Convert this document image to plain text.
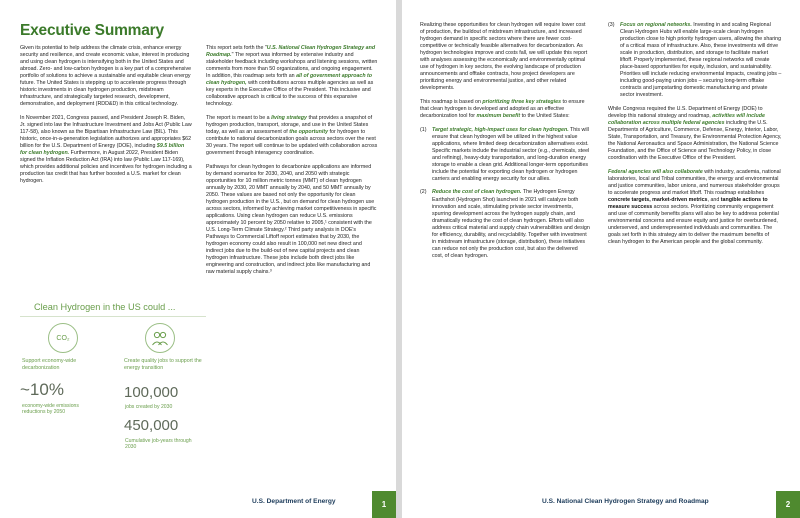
Executive Summary

Given its potential to help address the climate crisis, enhance energy security and resilience, and create economic value, interest in producing and using clean hydrogen is intensifying both in the United States and abroad. Zero- and low-carbon hydrogen is a key part of a comprehensive portfolio of solutions to achieve a sustainable and equitable clean energy future. The United States is stepping up to accelerate progress through historic investments in clean hydrogen production, midstream infrastructure, and strategically targeted research, development, demonstration, and deployment (RDD&D) in this critical technology.

In November 2021, Congress passed, and President Joseph R. Biden, Jr. signed into law the Infrastructure Investment and Jobs Act (Public Law 117-58), also known as the Bipartisan Infrastructure Law (BIL). This historic, once-in-a-generation legislation authorizes and appropriates $62 billion for the U.S. Department of Energy (DOE), including $9.5 billion for clean hydrogen. Furthermore, in August 2022, President Biden signed the Inflation Reduction Act (IRA) into law (Public Law 117-169), which provides additional policies and incentives for hydrogen including a production tax credit that has further boosted a U.S. market for clean hydrogen.

Clean Hydrogen in the US could ...
CO₂
Support economy-wide decarbonization
Create quality jobs to support the energy transition
~10%
economy-wide emissions reductions by 2050
100,000
jobs created by 2030
450,000
Cumulative job-years through 2030

This report sets forth the "U.S. National Clean Hydrogen Strategy and Roadmap." The report was informed by extensive industry and stakeholder feedback including workshops and listening sessions, written comments from more than 50 organizations, and ongoing engagement. In addition, this roadmap sets forth an all of government approach to clean hydrogen, with contributions across multiple agencies as well as key experts in the Executive Office of the President. This inclusive and collaborative approach is critical to the success of this expansive technology.

The report is meant to be a living strategy that provides a snapshot of hydrogen production, transport, storage, and use in the United States today, as well as an assessment of the opportunity for hydrogen to contribute to national decarbonization goals across sectors over the next 30 years. The report will continue to be updated with collaboration across government through interagency coordination.

Pathways for clean hydrogen to decarbonize applications are informed by demand scenarios for 2030, 2040, and 2050 with strategic opportunities for 10 million metric tonnes (MMT) of clean hydrogen annually by 2030, 20 MMT annually by 2040, and 50 MMT annually by 2050. These values are based not only the opportunity for clean hydrogen production in the U.S., but on demand for clean hydrogen use across sectors, informed by achieving market competitiveness in specific applications. Using clean hydrogen can reduce U.S. emissions approximately 10 percent by 2050 relative to 2005,¹ consistent with the U.S. Long-Term Climate Strategy.² Third party analysis in DOE's Pathways to Commercial Liftoff report estimates that by 2030, the hydrogen economy could also result in 100,000 net new direct and indirect jobs due to the build-out of new capital projects and clean hydrogen infrastructure. These jobs include both direct jobs like engineering and construction, and indirect jobs like manufacturing and raw material supply chains.³

U.S. Department of Energy	1

Realizing these opportunities for clean hydrogen will require lower cost of production, the buildout of midstream infrastructure, and increased hydrogen demand in specific sectors where there are fewer cost-competitive or technically feasible alternatives for decarbonization. As hydrogen technologies improve and costs fall, we will update this report with analyses assessing the economically and environmentally optimal use of hydrogen in key sectors, the evolving landscape of production announcements and offtake contracts, how project developers are prioritizing energy and environmental justice, and other related developments.

This roadmap is based on prioritizing three key strategies to ensure that clean hydrogen is developed and adopted as an effective decarbonization tool for maximum benefit to the United States:

(1)	Target strategic, high-impact uses for clean hydrogen. This will ensure that clean hydrogen will be utilized in the highest value applications, where limited deep decarbonization alternatives exist. Specific markets include the industrial sector (e.g., chemicals, steel and refining), heavy-duty transportation, and long-duration energy storage to enable a clean grid. Additional longer-term opportunities include the potential for exporting clean hydrogen or hydrogen carriers and enabling energy security for our allies.

(2)	Reduce the cost of clean hydrogen. The Hydrogen Energy Earthshot (Hydrogen Shot) launched in 2021 will catalyze both innovation and scale, stimulating private sector investments, spurring development across the hydrogen supply chain, and dramatically reducing the cost of clean hydrogen. Efforts will also address critical material and supply chain vulnerabilities and design for efficiency, durability, and recyclability. Together with investment in midstream infrastructure (storage, distribution), these initiatives can reduce not only the production cost, but also the delivered cost, of clean hydrogen.

(3)	Focus on regional networks. Investing in and scaling Regional Clean Hydrogen Hubs will enable large-scale clean hydrogen production close to high priority hydrogen users, allowing the sharing of a critical mass of infrastructure. Also, these investments will drive scale in production, distribution, and storage to facilitate market liftoff. Properly implemented, these regional networks will create place-based opportunities for equity, inclusion, and sustainability. Priorities will include reducing environmental impacts, creating jobs – including good-paying union jobs – securing long-term offtake contracts and jumpstarting domestic manufacturing and private sector investment.

While Congress required the U.S. Department of Energy (DOE) to develop this national strategy and roadmap, activities will include collaboration across multiple federal agencies including the U.S. Departments of Agriculture, Commerce, Defense, Energy, Interior, Labor, State, Transportation, and Treasury, the Environmental Protection Agency, the National Aeronautics and Space Administration, the National Science Foundation, and the Office of Science and Technology Policy, in close coordination with the Executive Office of the President.

Federal agencies will also collaborate with industry, academia, national laboratories, local and Tribal communities, the energy and environmental and justice communities, labor unions, and numerous stakeholder groups to accelerate progress and market liftoff. This roadmap establishes concrete targets, market-driven metrics, and tangible actions to measure success across sectors. Prioritizing community engagement and use of community benefits plans will also be key to address potential environmental concerns and ensure equity and justice for overburdened, underserved, and underrepresented individuals and communities. The goals set forth in this strategy aim to deliver the maximum benefits of clean hydrogen to the American people and the global community.

2
U.S. National Clean Hydrogen Strategy and Roadmap
